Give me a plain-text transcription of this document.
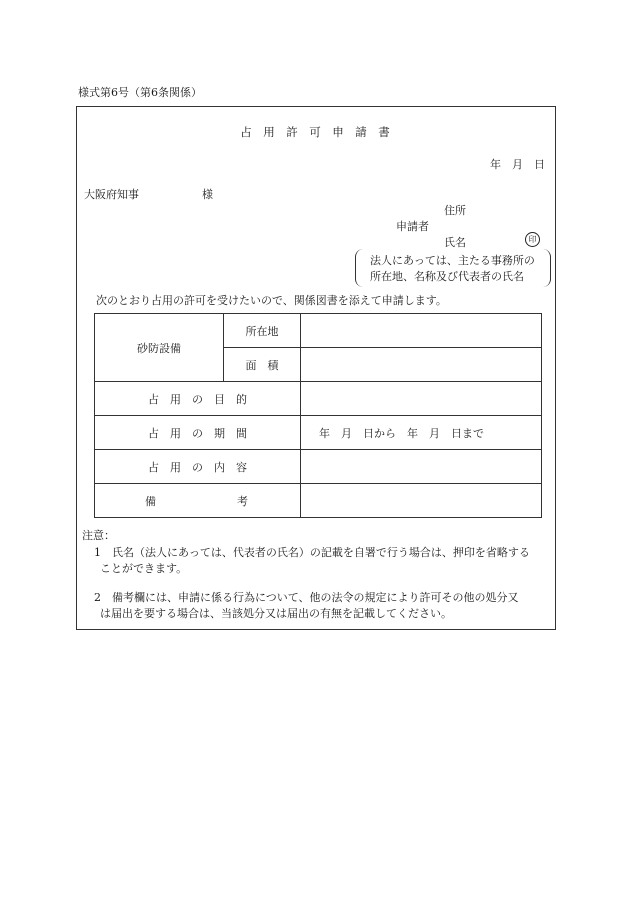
様式第6号（第6条関係）
占　用　許　可　申　請　書
年　月　日
大阪府知事	様
住所
申請者
氏名	印
法人にあっては、主たる事務所の
所在地、名称及び代表者の氏名
次のとおり占用の許可を受けたいので、関係図書を添えて申請します。
砂防設備	所在地	
	面　積	
占　用　の　目　的		
占　用　の　期　間		年　月　日から　年　月　日まで
占　用　の　内　容		

備 考		

注意：
1　氏名（法人にあっては、代表者の氏名）の記載を自署で行う場合は、押印を省略する
ことができます。
2　備考欄には、申請に係る行為について、他の法令の規定により許可その他の処分又
は届出を要する場合は、当該処分又は届出の有無を記載してください。
